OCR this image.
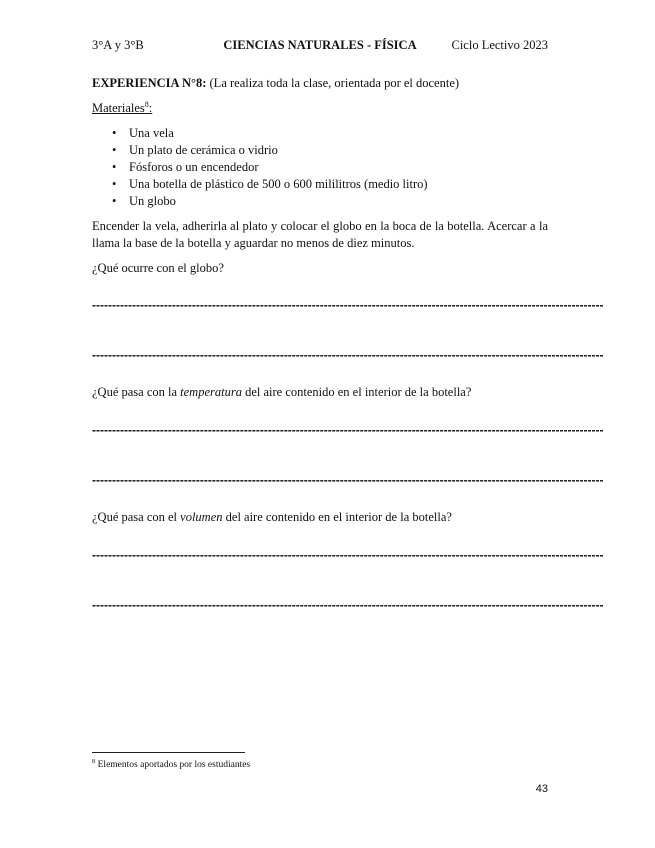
3°A y 3°B	CIENCIAS NATURALES - FÍSICA	Ciclo Lectivo 2023

EXPERIENCIA N°8: (La realiza toda la clase, orientada por el docente)

Materiales$^8$:

• Una vela
• Un plato de cerámica o vidrio
• Fósforos o un encendedor
• Una botella de plástico de 500 o 600 mililitros (medio litro)
• Un globo

Encender la vela, adherirla al plato y colocar el globo en la boca de la botella. Acercar a la llama la base de la botella y aguardar no menos de diez minutos.

¿Qué ocurre con el globo?

--------------------------------------------------------------------------------------------------------------------------------
--------------------------------------------------------------------------------------------------------------------------------

¿Qué pasa con la temperatura del aire contenido en el interior de la botella?

--------------------------------------------------------------------------------------------------------------------------------
--------------------------------------------------------------------------------------------------------------------------------

¿Qué pasa con el volumen del aire contenido en el interior de la botella?

--------------------------------------------------------------------------------------------------------------------------------
--------------------------------------------------------------------------------------------------------------------------------
$^8$ Elementos aportados por los estudiantes
43
